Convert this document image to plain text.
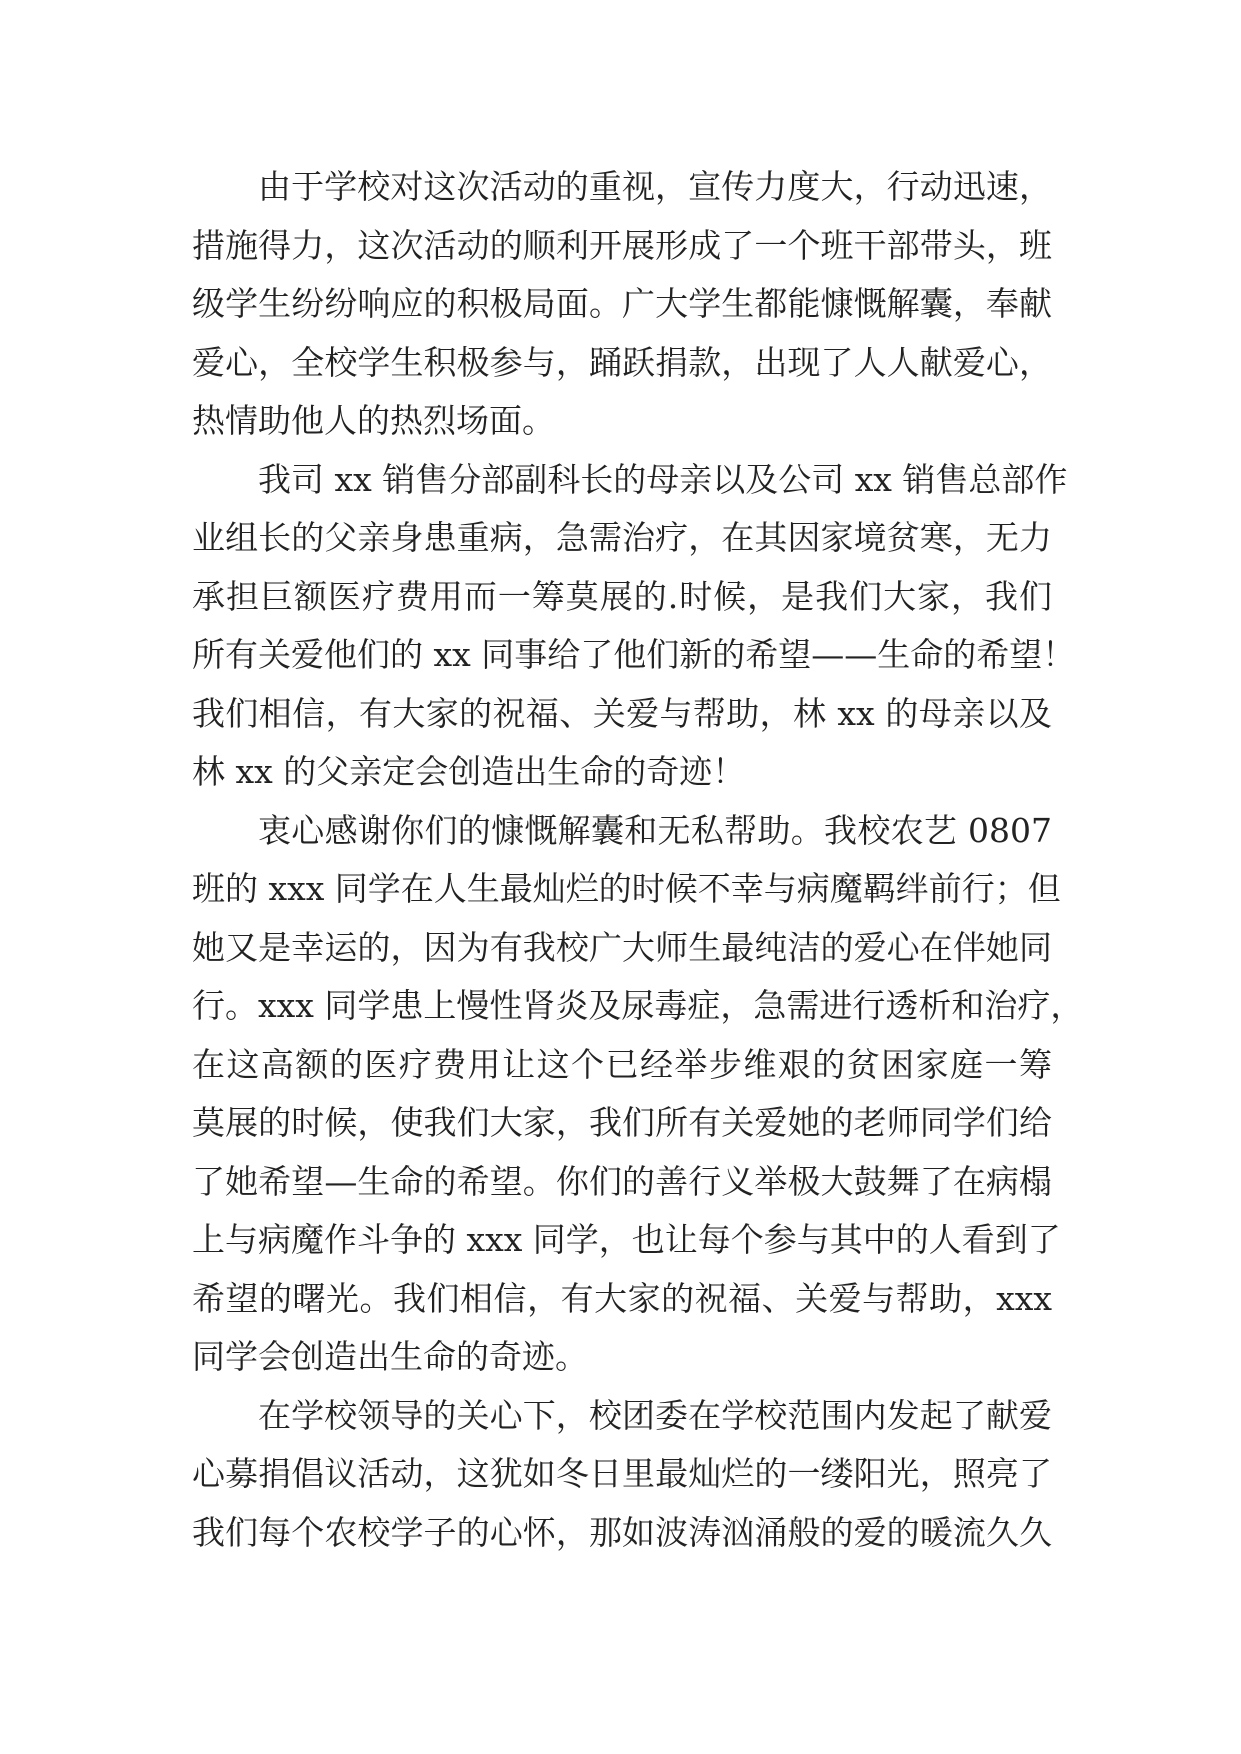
由于学校对这次活动的重视，宣传力度大，行动迅速，
措施得力，这次活动的顺利开展形成了一个班干部带头，班
级学生纷纷响应的积极局面。广大学生都能慷慨解囊，奉献
爱心，全校学生积极参与，踊跃捐款，出现了人人献爱心，
热情助他人的热烈场面。
我司 xx 销售分部副科长的母亲以及公司 xx 销售总部作
业组长的父亲身患重病，急需治疗，在其因家境贫寒，无力
承担巨额医疗费用而一筹莫展的.时候，是我们大家，我们
所有关爱他们的 xx 同事给了他们新的希望——生命的希望！
我们相信，有大家的祝福、关爱与帮助，林 xx 的母亲以及
林 xx 的父亲定会创造出生命的奇迹！
衷心感谢你们的慷慨解囊和无私帮助。我校农艺 0807
班的 xxx 同学在人生最灿烂的时候不幸与病魔羁绊前行；但
她又是幸运的，因为有我校广大师生最纯洁的爱心在伴她同
行。xxx 同学患上慢性肾炎及尿毒症，急需进行透析和治疗，
在这高额的医疗费用让这个已经举步维艰的贫困家庭一筹
莫展的时候，使我们大家，我们所有关爱她的老师同学们给
了她希望—生命的希望。你们的善行义举极大鼓舞了在病榻
上与病魔作斗争的 xxx 同学，也让每个参与其中的人看到了
希望的曙光。我们相信，有大家的祝福、关爱与帮助，xxx
同学会创造出生命的奇迹。
在学校领导的关心下，校团委在学校范围内发起了献爱
心募捐倡议活动，这犹如冬日里最灿烂的一缕阳光，照亮了
我们每个农校学子的心怀，那如波涛汹涌般的爱的暖流久久
